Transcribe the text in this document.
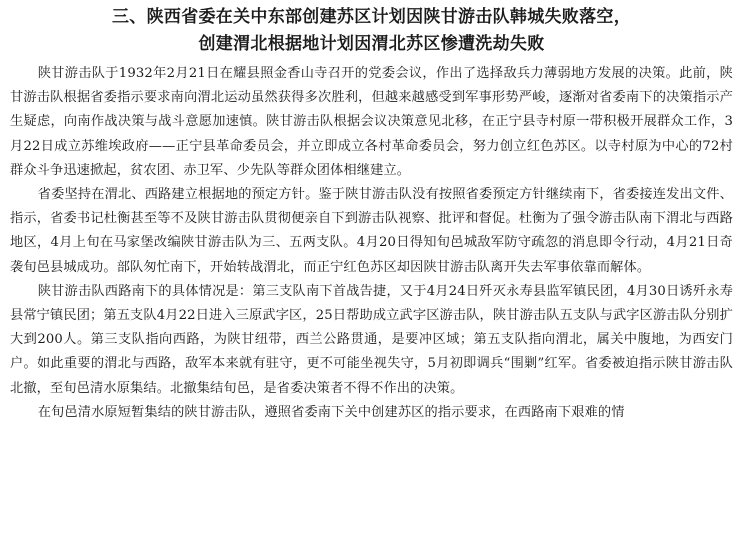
三、陕西省委在关中东部创建苏区计划因陕甘游击队韩城失败落空，
创建渭北根据地计划因渭北苏区惨遭洗劫失败

陕甘游击队于1932年2月21日在耀县照金香山寺召开的党委会议，作出了选择敌兵力薄弱地方发展的决策。此前，陕甘游击队根据省委指示要求南向渭北运动虽然获得多次胜利，但越来越感受到军事形势严峻，逐渐对省委南下的决策指示产生疑虑，向南作战决策与战斗意愿加速慎。陕甘游击队根据会议决策意见北移，在正宁县寺村原一带积极开展群众工作，3月22日成立苏维埃政府——正宁县革命委员会，并立即成立各村革命委员会，努力创立红色苏区。以寺村原为中心的72村群众斗争迅速掀起，贫农团、赤卫军、少先队等群众团体相继建立。

省委坚持在渭北、西路建立根据地的预定方针。鉴于陕甘游击队没有按照省委预定方针继续南下，省委接连发出文件、指示，省委书记杜衡甚至等不及陕甘游击队贯彻便亲自下到游击队视察、批评和督促。杜衡为了强令游击队南下渭北与西路地区，4月上旬在马家堡改编陕甘游击队为三、五两支队。4月20日得知旬邑城敌军防守疏忽的消息即令行动，4月21日奇袭旬邑县城成功。部队匆忙南下，开始转战渭北，而正宁红色苏区却因陕甘游击队离开失去军事依靠而解体。

陕甘游击队西路南下的具体情况是：第三支队南下首战告捷，又于4月24日歼灭永寿县监军镇民团，4月30日诱歼永寿县常宁镇民团；第五支队4月22日进入三原武字区，25日帮助成立武字区游击队，陕甘游击队五支队与武字区游击队分别扩大到200人。第三支队指向西路，为陕甘纽带，西兰公路贯通，是要冲区域；第五支队指向渭北，属关中腹地，为西安门户。如此重要的渭北与西路，敌军本来就有驻守，更不可能坐视失守，5月初即调兵“围剿”红军。省委被迫指示陕甘游击队北撤，至旬邑清水原集结。北撤集结旬邑，是省委决策者不得不作出的决策。

在旬邑清水原短暂集结的陕甘游击队，遵照省委南下关中创建苏区的指示要求，在西路南下艰难的情
